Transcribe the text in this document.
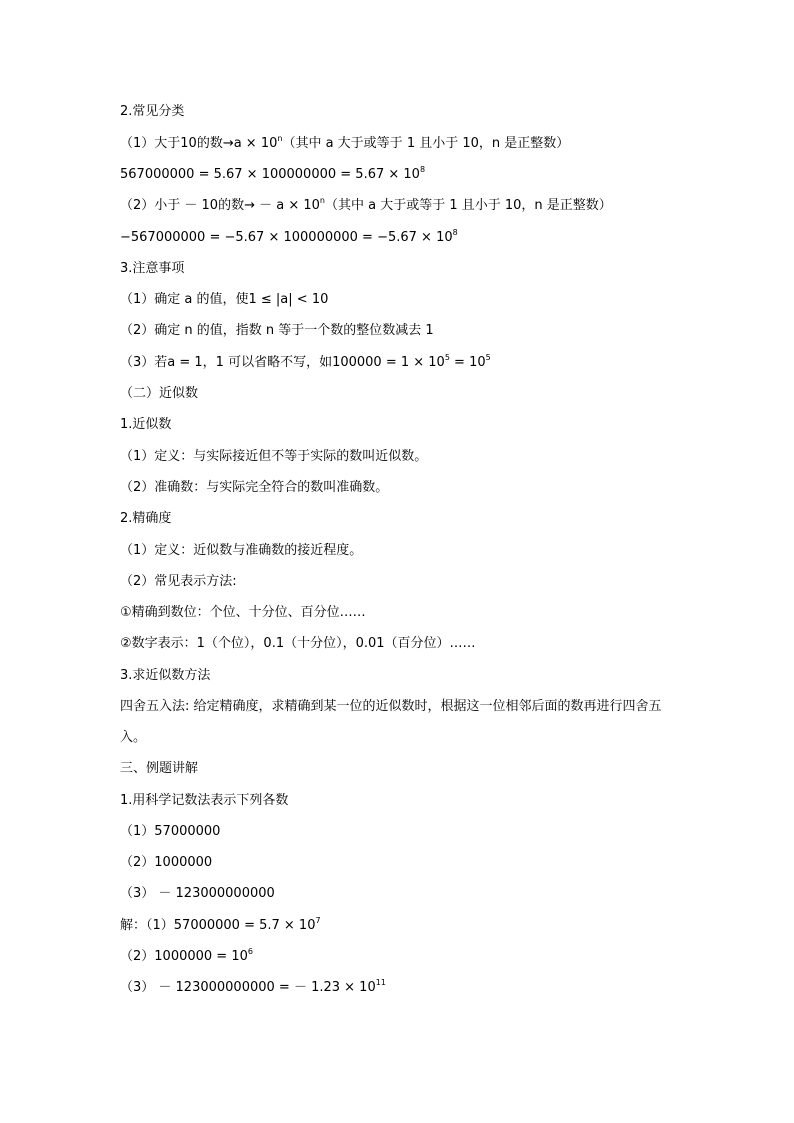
2.常见分类
（1）大于10的数$\to a \times 10^n$（其中 a 大于或等于 1 且小于 10，n 是正整数）
$567000000 = 5.67 \times 100000000 = 5.67 \times 10^8$
（2）小于 － 10的数→ － $a \times 10^n$（其中 a 大于或等于 1 且小于 10，n 是正整数）
$-567000000 = -5.67 \times 100000000 = -5.67 \times 10^8$
3.注意事项
（1）确定 a 的值，使1 ≤ |a| < 10
（2）确定 n 的值，指数 n 等于一个数的整位数减去 1
（3）若a = 1，1 可以省略不写，如$100000 = 1 \times 10^5 = 10^5$
（二）近似数
1.近似数
（1）定义：与实际接近但不等于实际的数叫近似数。
（2）准确数：与实际完全符合的数叫准确数。
2.精确度
（1）定义：近似数与准确数的接近程度。
（2）常见表示方法:
①精确到数位：个位、十分位、百分位……
②数字表示：1（个位），0.1（十分位），0.01（百分位）……
3.求近似数方法
四舍五入法: 给定精确度，求精确到某一位的近似数时，根据这一位相邻后面的数再进行四舍五入。
三、例题讲解
1.用科学记数法表示下列各数
（1）57000000
（2）1000000
（3） － 123000000000
解：$(1)57000000 = 5.7 \times 10^7$
$(2)1000000 = 10^6$
（3） － 123000000000 = － $1.23 \times 10^{11}$
